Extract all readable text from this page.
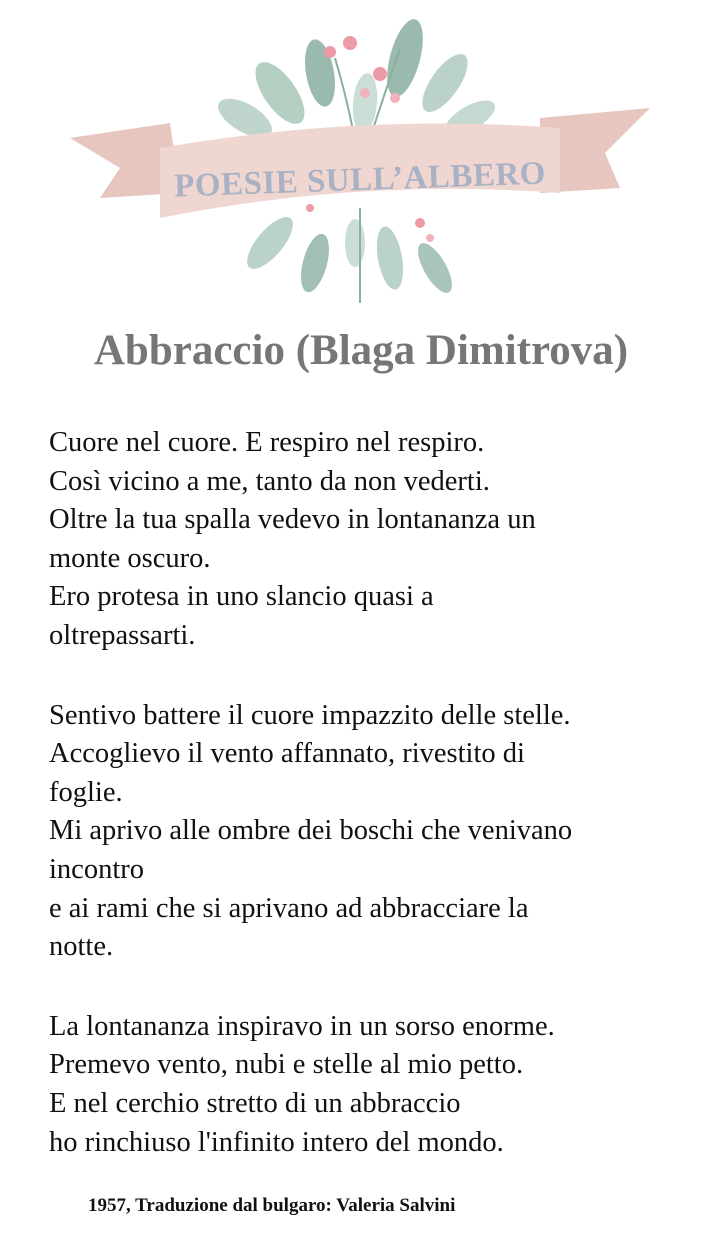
POESIE SULL’ALBERO
Abbraccio (Blaga Dimitrova)
Cuore nel cuore. E respiro nel respiro.
Così vicino a me, tanto da non vederti.
Oltre la tua spalla vedevo in lontananza un
monte oscuro.
Ero protesa in uno slancio quasi a
oltrepassarti.
Sentivo battere il cuore impazzito delle stelle.
Accoglievo il vento affannato, rivestito di
foglie.
Mi aprivo alle ombre dei boschi che venivano
incontro
e ai rami che si aprivano ad abbracciare la
notte.
La lontananza inspiravo in un sorso enorme.
Premevo vento, nubi e stelle al mio petto.
E nel cerchio stretto di un abbraccio
ho rinchiuso l'infinito intero del mondo.
1957, Traduzione dal bulgaro: Valeria Salvini
